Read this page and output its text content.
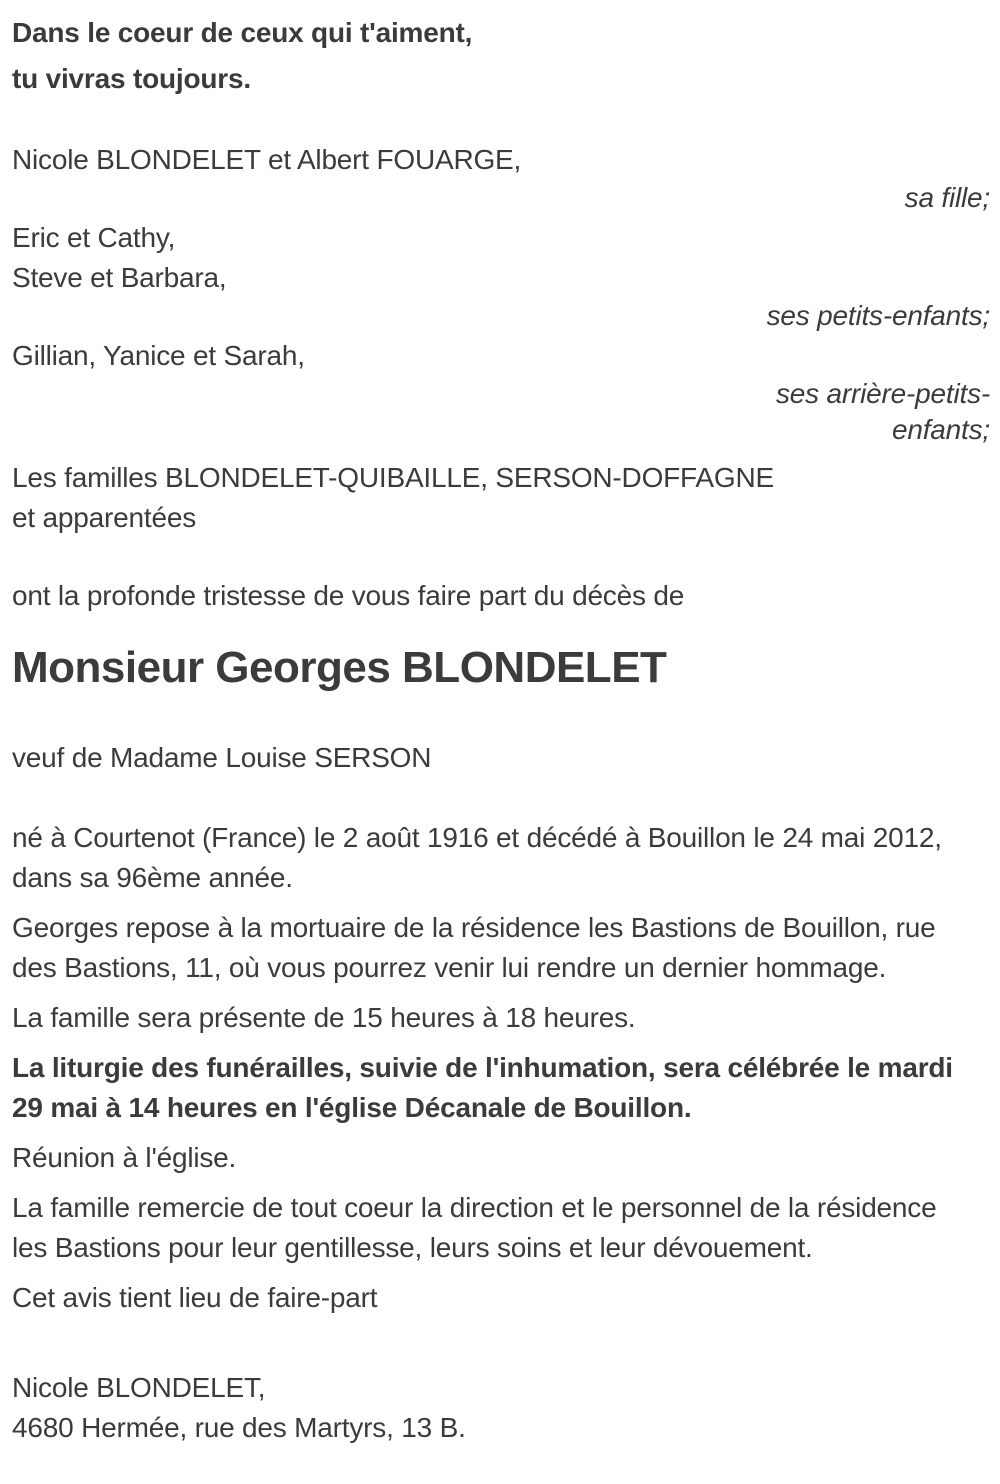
Dans le coeur de ceux qui t'aiment,
tu vivras toujours.
Nicole BLONDELET et Albert FOUARGE,
sa fille;
Eric et Cathy,
Steve et Barbara,
ses petits-enfants;
Gillian, Yanice et Sarah,
ses arrière-petits-
enfants;
Les familles BLONDELET-QUIBAILLE, SERSON-DOFFAGNE
et apparentées
ont la profonde tristesse de vous faire part du décès de
Monsieur Georges BLONDELET
veuf de Madame Louise SERSON
né à Courtenot (France) le 2 août 1916 et décédé à Bouillon le 24 mai 2012, dans sa 96ème année.
Georges repose à la mortuaire de la résidence les Bastions de Bouillon, rue des Bastions, 11, où vous pourrez venir lui rendre un dernier hommage.
La famille sera présente de 15 heures à 18 heures.
La liturgie des funérailles, suivie de l'inhumation, sera célébrée le mardi 29 mai à 14 heures en l'église Décanale de Bouillon.
Réunion à l'église.
La famille remercie de tout coeur la direction et le personnel de la résidence les Bastions pour leur gentillesse, leurs soins et leur dévouement.
Cet avis tient lieu de faire-part
Nicole BLONDELET,
4680 Hermée, rue des Martyrs, 13 B.
